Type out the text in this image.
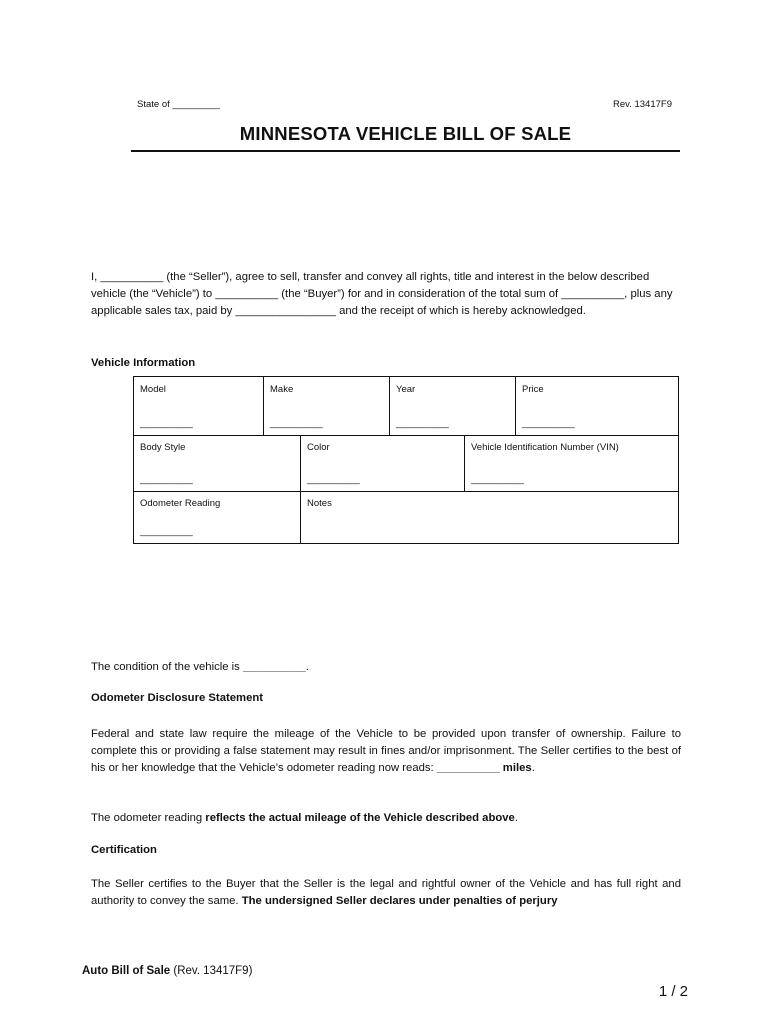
State of _________	Rev. 13417F9
MINNESOTA VEHICLE BILL OF SALE
I, __________ (the “Seller”), agree to sell, transfer and convey all rights, title and interest in the below described vehicle (the “Vehicle”) to __________ (the “Buyer”) for and in consideration of the total sum of __________, plus any applicable sales tax, paid by ________________ and the receipt of which is hereby acknowledged.
Vehicle Information
Model
__________
Make
__________
Year
__________
Price
__________
Body Style
__________
Color
__________
Vehicle Identification Number (VIN)
__________
Odometer Reading
__________
Notes
The condition of the vehicle is __________.
Odometer Disclosure Statement
Federal and state law require the mileage of the Vehicle to be provided upon transfer of ownership. Failure to complete this or providing a false statement may result in fines and/or imprisonment. The Seller certifies to the best of his or her knowledge that the Vehicle’s odometer reading now reads: __________ miles.
The odometer reading reflects the actual mileage of the Vehicle described above.
Certification
The Seller certifies to the Buyer that the Seller is the legal and rightful owner of the Vehicle and has full right and authority to convey the same. The undersigned Seller declares under penalties of perjury
Auto Bill of Sale (Rev. 13417F9)
1 / 2
